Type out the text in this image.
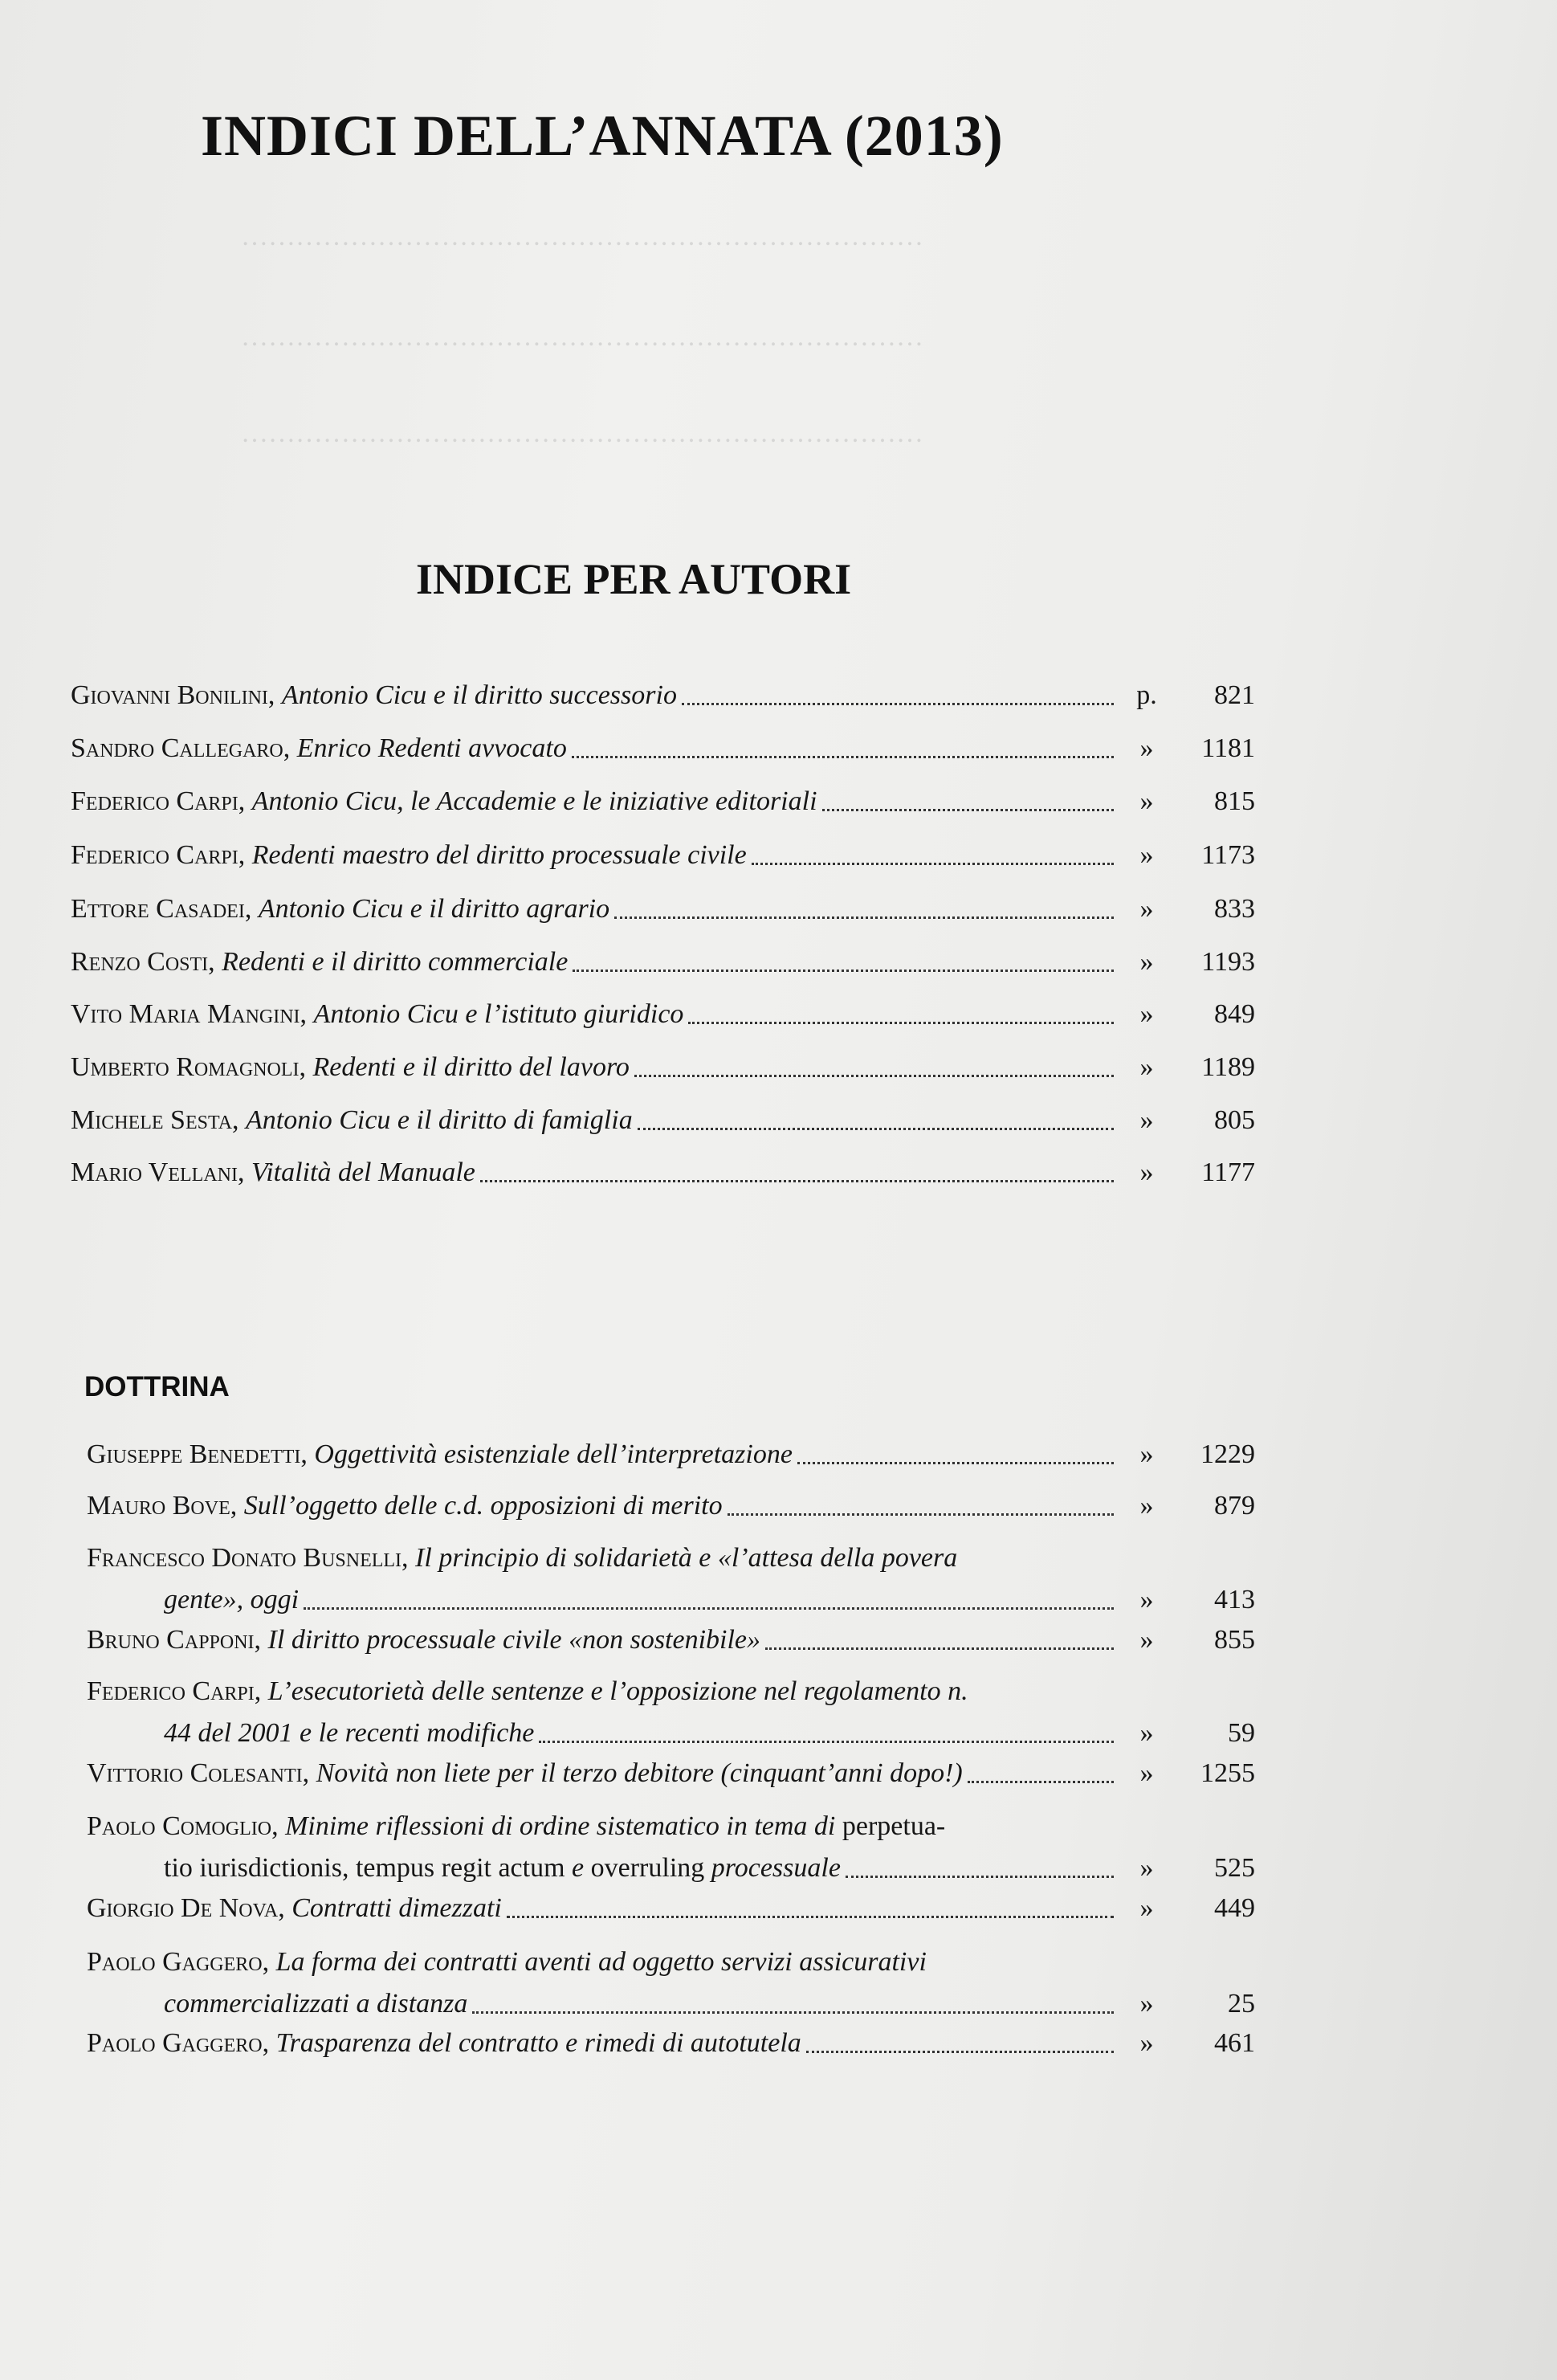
INDICI DELL’ANNATA (2013)
…………………………………………………………………
…………………………………………………………………
…………………………………………………………………
INDICE PER AUTORI
Giovanni Bonilini , Antonio Cicu e il diritto successorio	p.	821
Sandro Callegaro , Enrico Redenti avvocato	»	1181
Federico Carpi , Antonio Cicu, le Accademie e le iniziative editoriali	»	815
Federico Carpi , Redenti maestro del diritto processuale civile	»	1173
Ettore Casadei , Antonio Cicu e il diritto agrario	»	833
Renzo Costi , Redenti e il diritto commerciale	»	1193
Vito Maria Mangini , Antonio Cicu e l’istituto giuridico	»	849
Umberto Romagnoli , Redenti e il diritto del lavoro	»	1189
Michele Sesta , Antonio Cicu e il diritto di famiglia	»	805
Mario Vellani , Vitalità del Manuale	»	1177
DOTTRINA
Giuseppe Benedetti , Oggettività esistenziale dell’interpretazione	»	1229
Mauro Bove , Sull’oggetto delle c.d. opposizioni di merito	»	879
Francesco Donato Busnelli , Il principio di solidarietà e «l’attesa della povera
gente», oggi	»	413
Bruno Capponi , Il diritto processuale civile «non sostenibile»	»	855
Federico Carpi , L’esecutorietà delle sentenze e l’opposizione nel regolamento n.
44 del 2001 e le recenti modifiche	»	59
Vittorio Colesanti , Novità non liete per il terzo debitore (cinquant’anni dopo!)	»	1255
Paolo Comoglio , Minime riflessioni di ordine sistematico in tema di
perpetua-
tio iurisdictionis, tempus regit actum
e
overruling
processuale	»	525
Giorgio De Nova , Contratti dimezzati	»	449
Paolo Gaggero , La forma dei contratti aventi ad oggetto servizi assicurativi
commercializzati a distanza	»	25
Paolo Gaggero , Trasparenza del contratto e rimedi di autotutela	»	461
